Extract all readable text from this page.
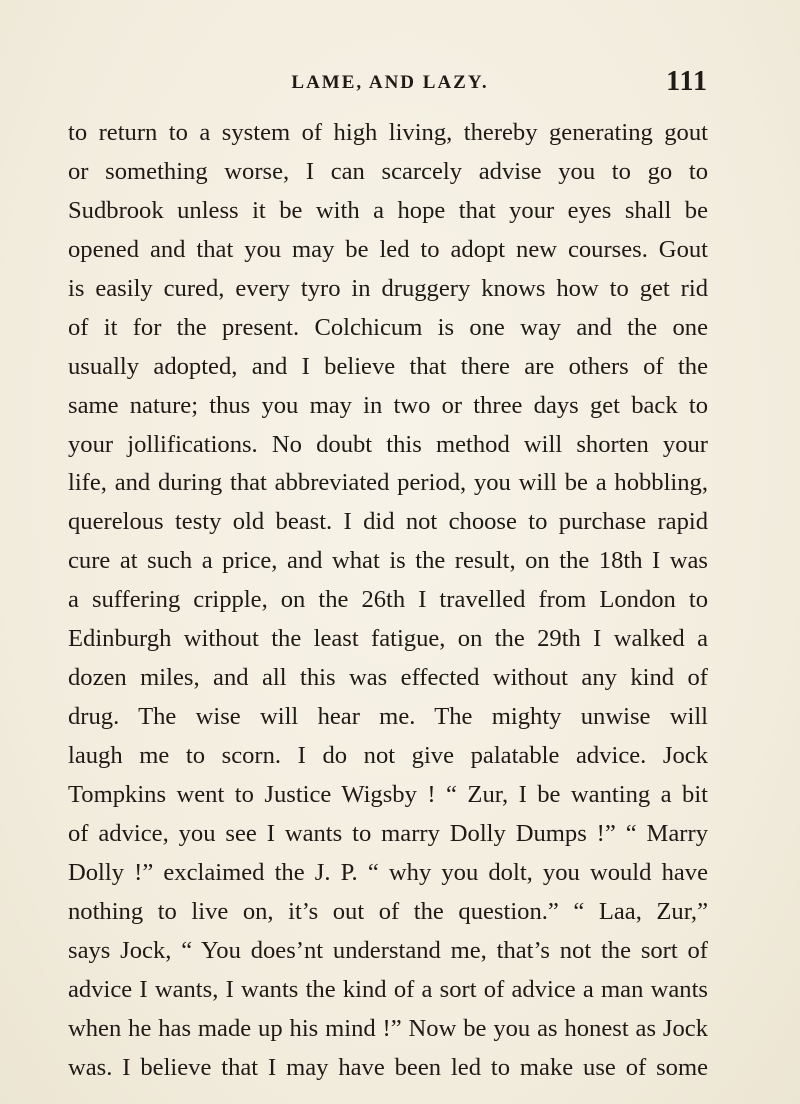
LAME, AND LAZY.	111
to return to a system of high living, thereby generating gout
or something worse, I can scarcely advise you to go to
Sudbrook unless it be with a hope that your eyes shall be
opened and that you may be led to adopt new courses. Gout
is easily cured, every tyro in druggery knows how to get rid
of it for the present. Colchicum is one way and the one
usually adopted, and I believe that there are others of the
same nature; thus you may in two or three days get back to
your jollifications. No doubt this method will shorten your
life, and during that abbreviated period, you will be a hobbling,
querelous testy old beast. I did not choose to purchase rapid
cure at such a price, and what is the result, on the 18th I was
a suffering cripple, on the 26th I travelled from London to
Edinburgh without the least fatigue, on the 29th I walked a
dozen miles, and all this was effected without any kind of
drug. The wise will hear me. The mighty unwise will
laugh me to scorn. I do not give palatable advice. Jock
Tompkins went to Justice Wigsby ! “ Zur, I be wanting a bit
of advice, you see I wants to marry Dolly Dumps !” “ Marry
Dolly !” exclaimed the J. P. “ why you dolt, you would have
nothing to live on, it’s out of the question.” “ Laa, Zur,”
says Jock, “ You does’nt understand me, that’s not the sort of
advice I wants, I wants the kind of a sort of advice a man wants
when he has made up his mind !” Now be you as honest as Jock
was. I believe that I may have been led to make use of some
